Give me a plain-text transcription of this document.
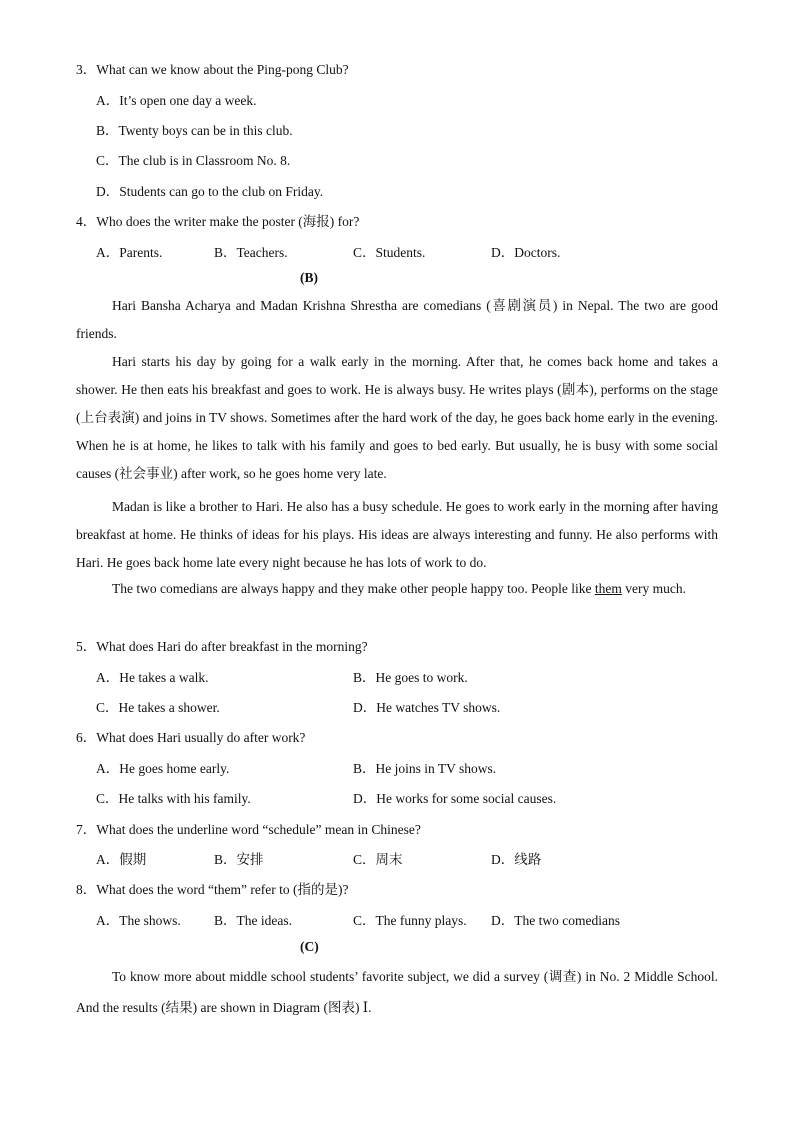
3．What can we know about the Ping-pong Club?
A．It’s open one day a week.
B．Twenty boys can be in this club.
C．The club is in Classroom No. 8.
D．Students can go to the club on Friday.
4．Who does the writer make the poster (海报) for?
A．Parents.	B．Teachers.	C．Students.	D．Doctors.
(B)
Hari Bansha Acharya and Madan Krishna Shrestha are comedians (喜剧演员) in Nepal. The two are good friends.
Hari starts his day by going for a walk early in the morning. After that, he comes back home and takes a shower. He then eats his breakfast and goes to work. He is always busy. He writes plays (剧本), performs on the stage (上台表演) and joins in TV shows. Sometimes after the hard work of the day, he goes back home early in the evening. When he is at home, he likes to talk with his family and goes to bed early. But usually, he is busy with some social causes (社会事业) after work, so he goes home very late.
Madan is like a brother to Hari. He also has a busy schedule. He goes to work early in the morning after having breakfast at home. He thinks of ideas for his plays. His ideas are always interesting and funny. He also performs with Hari. He goes back home late every night because he has lots of work to do.
The two comedians are always happy and they make other people happy too. People like them very much.
5．What does Hari do after breakfast in the morning?
A．He takes a walk.	B．He goes to work.
C．He takes a shower.	D．He watches TV shows.
6．What does Hari usually do after work?
A．He goes home early.	B．He joins in TV shows.
C．He talks with his family.	D．He works for some social causes.
7．What does the underline word “schedule” mean in Chinese?
A．假期	B．安排	C．周末	D．线路
8．What does the word “them” refer to (指的是)?
A．The shows. B．The ideas.	C．The funny plays. D．The two comedians
(C)
To know more about middle school students’ favorite subject, we did a survey (调查) in No. 2 Middle School. And the results (结果) are shown in Diagram (图表) Ⅰ.
